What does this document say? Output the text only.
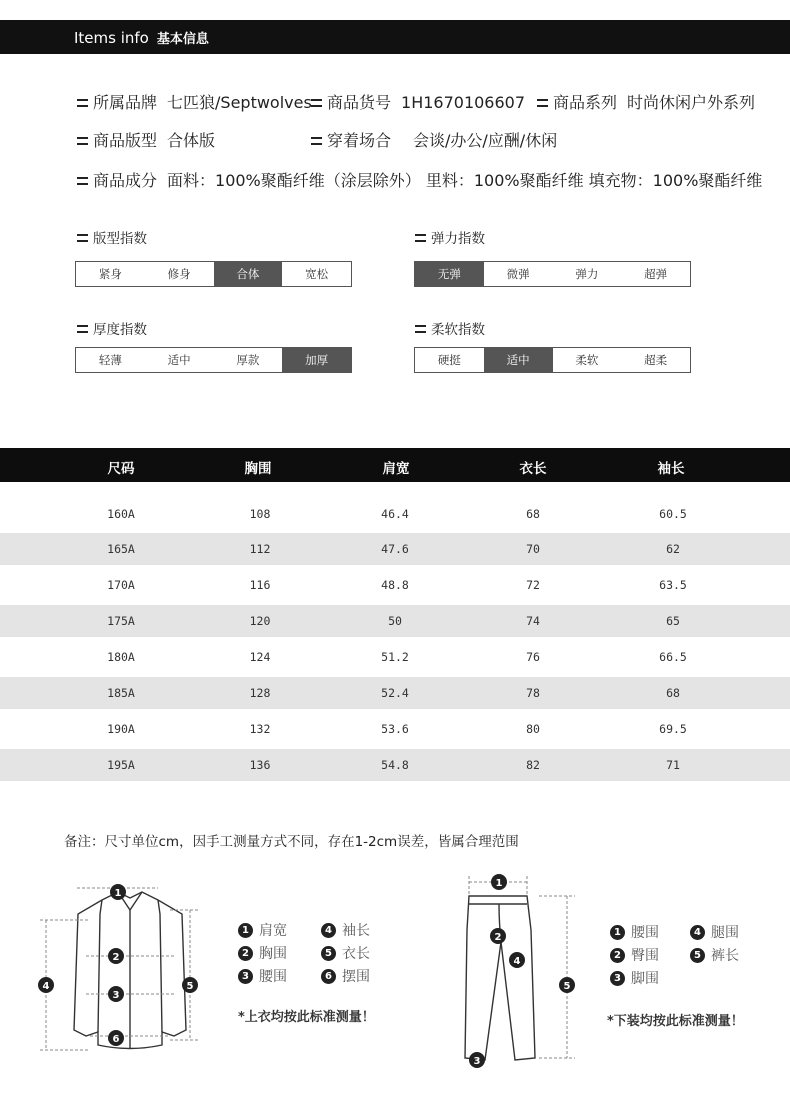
Items info 基本信息
所属品牌 七匹狼/Septwolves 商品货号 1H1670106607	商品系列 时尚休闲户外系列
商品版型 合体版	穿着场合 会谈/办公/应酬/休闲
商品成分 面料：100%聚酯纤维（涂层除外） 里料：100%聚酯纤维 填充物：100%聚酯纤维
版型指数
紧身	修身	合体	宽松
弹力指数
无弹	微弹	弹力	超弹
厚度指数
轻薄	适中	厚款	加厚
柔软指数
硬挺	适中	柔软	超柔
尺码	胸围	肩宽	衣长	袖长
160A	108	46.4	68	60.5
165A	112	47.6	70	62
170A	116	48.8	72	63.5
175A	120	50	74	65
180A	124	51.2	76	66.5
185A	128	52.4	78	68
190A	132	53.6	80	69.5
195A	136	54.8	82	71
备注：尺寸单位cm，因手工测量方式不同，存在1-2cm误差，皆属合理范围
1
2
3
4	5
6
1 肩宽	4 袖长
2 胸围	5 衣长
3 腰围	6 摆围
*上衣均按此标准测量！
1
2
3
4
5
1 腰围	4 腿围
2 臀围	5 裤长
3 脚围
*下装均按此标准测量！
